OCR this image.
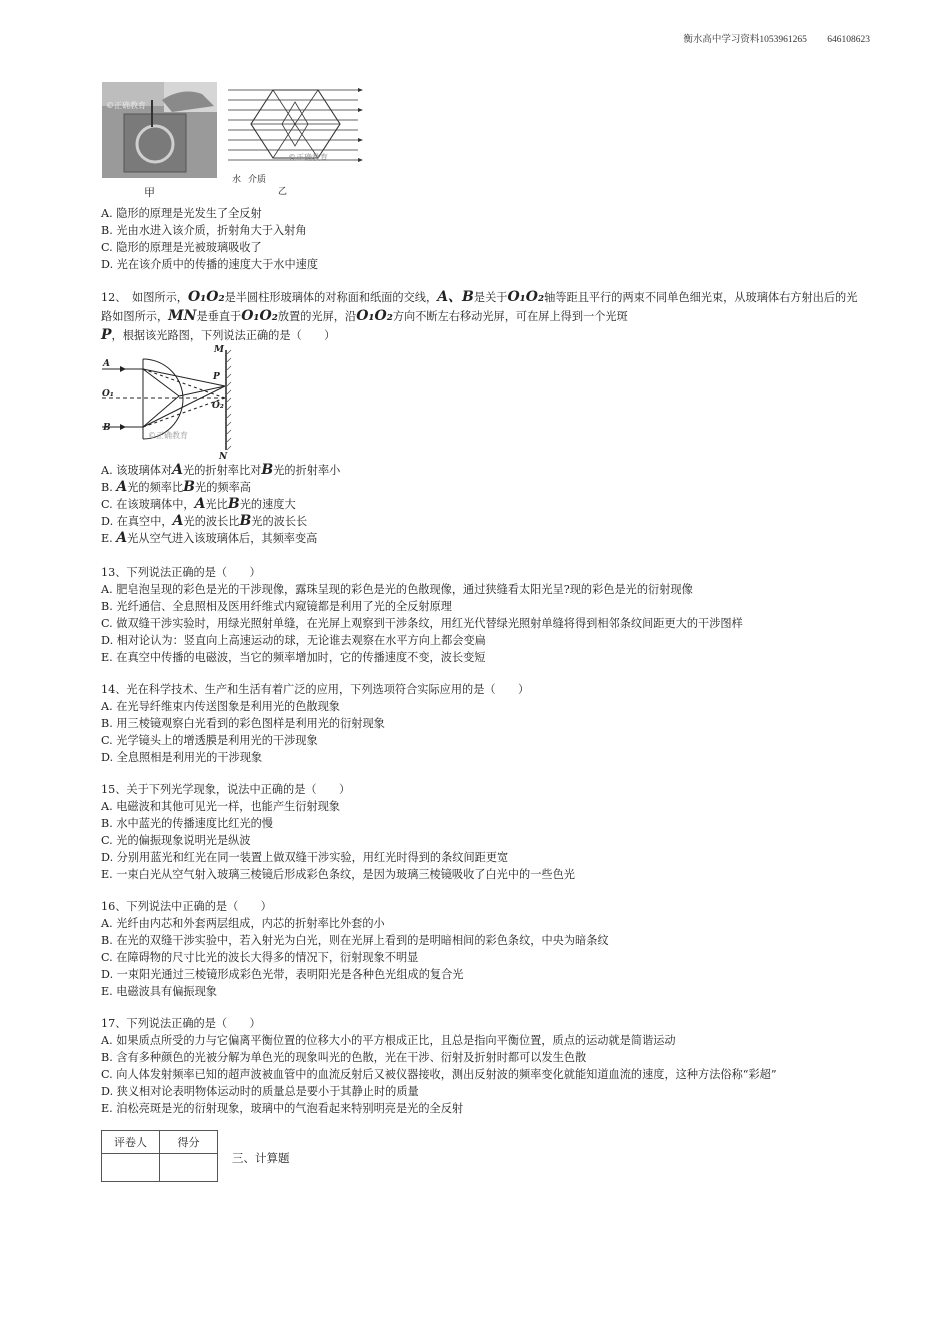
衡水高中学习资料1053961265 646108623
©正确教育
甲
©正确教育
水 介质
乙

A. 隐形的原理是光发生了全反射

B. 光由水进入该介质，折射角大于入射角

C. 隐形的原理是光被玻璃吸收了

D. 光在该介质中的传播的速度大于水中速度

12、　如图所示，O₁O₂是半圆柱形玻璃体的对称面和纸面的交线，A、B是关于O₁O₂轴等距且平行的两束不同单色细光束，从玻璃体右方射出后的光路如图所示，MN是垂直于O₁O₂放置的光屏，沿O₁O₂方向不断左右移动光屏，可在屏上得到一个光斑P，根据该光路图，下列说法正确的是（　　）

A
B
O₁
O₂
P
M
N
©正确教育

A. 该玻璃体对A光的折射率比对B光的折射率小

B. A光的频率比B光的频率高

C. 在该玻璃体中，A光比B光的速度大

D. 在真空中，A光的波长比B光的波长长

E. A光从空气进入该玻璃体后，其频率变高

13、下列说法正确的是（　　）

A. 肥皂泡呈现的彩色是光的干涉现像，露珠呈现的彩色是光的色散现像，通过狭缝看太阳光呈?现的彩色是光的衍射现像

B. 光纤通信、全息照相及医用纤维式内窥镜都是利用了光的全反射原理

C. 做双缝干涉实验时，用绿光照射单缝，在光屏上观察到干涉条纹，用红光代替绿光照射单缝将得到相邻条纹间距更大的干涉图样

D. 相对论认为：竖直向上高速运动的球，无论谁去观察在水平方向上都会变扁

E. 在真空中传播的电磁波，当它的频率增加时，它的传播速度不变，波长变短

14、光在科学技术、生产和生活有着广泛的应用，下列选项符合实际应用的是（　　）

A. 在光导纤维束内传送图象是利用光的色散现象

B. 用三棱镜观察白光看到的彩色图样是利用光的衍射现象

C. 光学镜头上的增透膜是利用光的干涉现象

D. 全息照相是利用光的干涉现象

15、关于下列光学现象，说法中正确的是（　　）

A. 电磁波和其他可见光一样，也能产生衍射现象

B. 水中蓝光的传播速度比红光的慢

C. 光的偏振现象说明光是纵波

D. 分别用蓝光和红光在同一装置上做双缝干涉实验，用红光时得到的条纹间距更宽

E. 一束白光从空气射入玻璃三棱镜后形成彩色条纹，是因为玻璃三棱镜吸收了白光中的一些色光

16、下列说法中正确的是（　　）

A. 光纤由内芯和外套两层组成，内芯的折射率比外套的小

B. 在光的双缝干涉实验中，若入射光为白光，则在光屏上看到的是明暗相间的彩色条纹，中央为暗条纹

C. 在障碍物的尺寸比光的波长大得多的情况下，衍射现象不明显

D. 一束阳光通过三棱镜形成彩色光带，表明阳光是各种色光组成的复合光

E. 电磁波具有偏振现象

17、下列说法正确的是（　　）

A. 如果质点所受的力与它偏离平衡位置的位移大小的平方根成正比，且总是指向平衡位置，质点的运动就是简谐运动

B. 含有多种颜色的光被分解为单色光的现象叫光的色散，光在干涉、衍射及折射时都可以发生色散

C. 向人体发射频率已知的超声波被血管中的血流反射后又被仪器接收，测出反射波的频率变化就能知道血流的速度，这种方法俗称“彩超”

D. 狭义相对论表明物体运动时的质量总是要小于其静止时的质量

E. 泊松亮斑是光的衍射现象，玻璃中的气泡看起来特别明亮是光的全反射

评卷人	得分

三、计算题
